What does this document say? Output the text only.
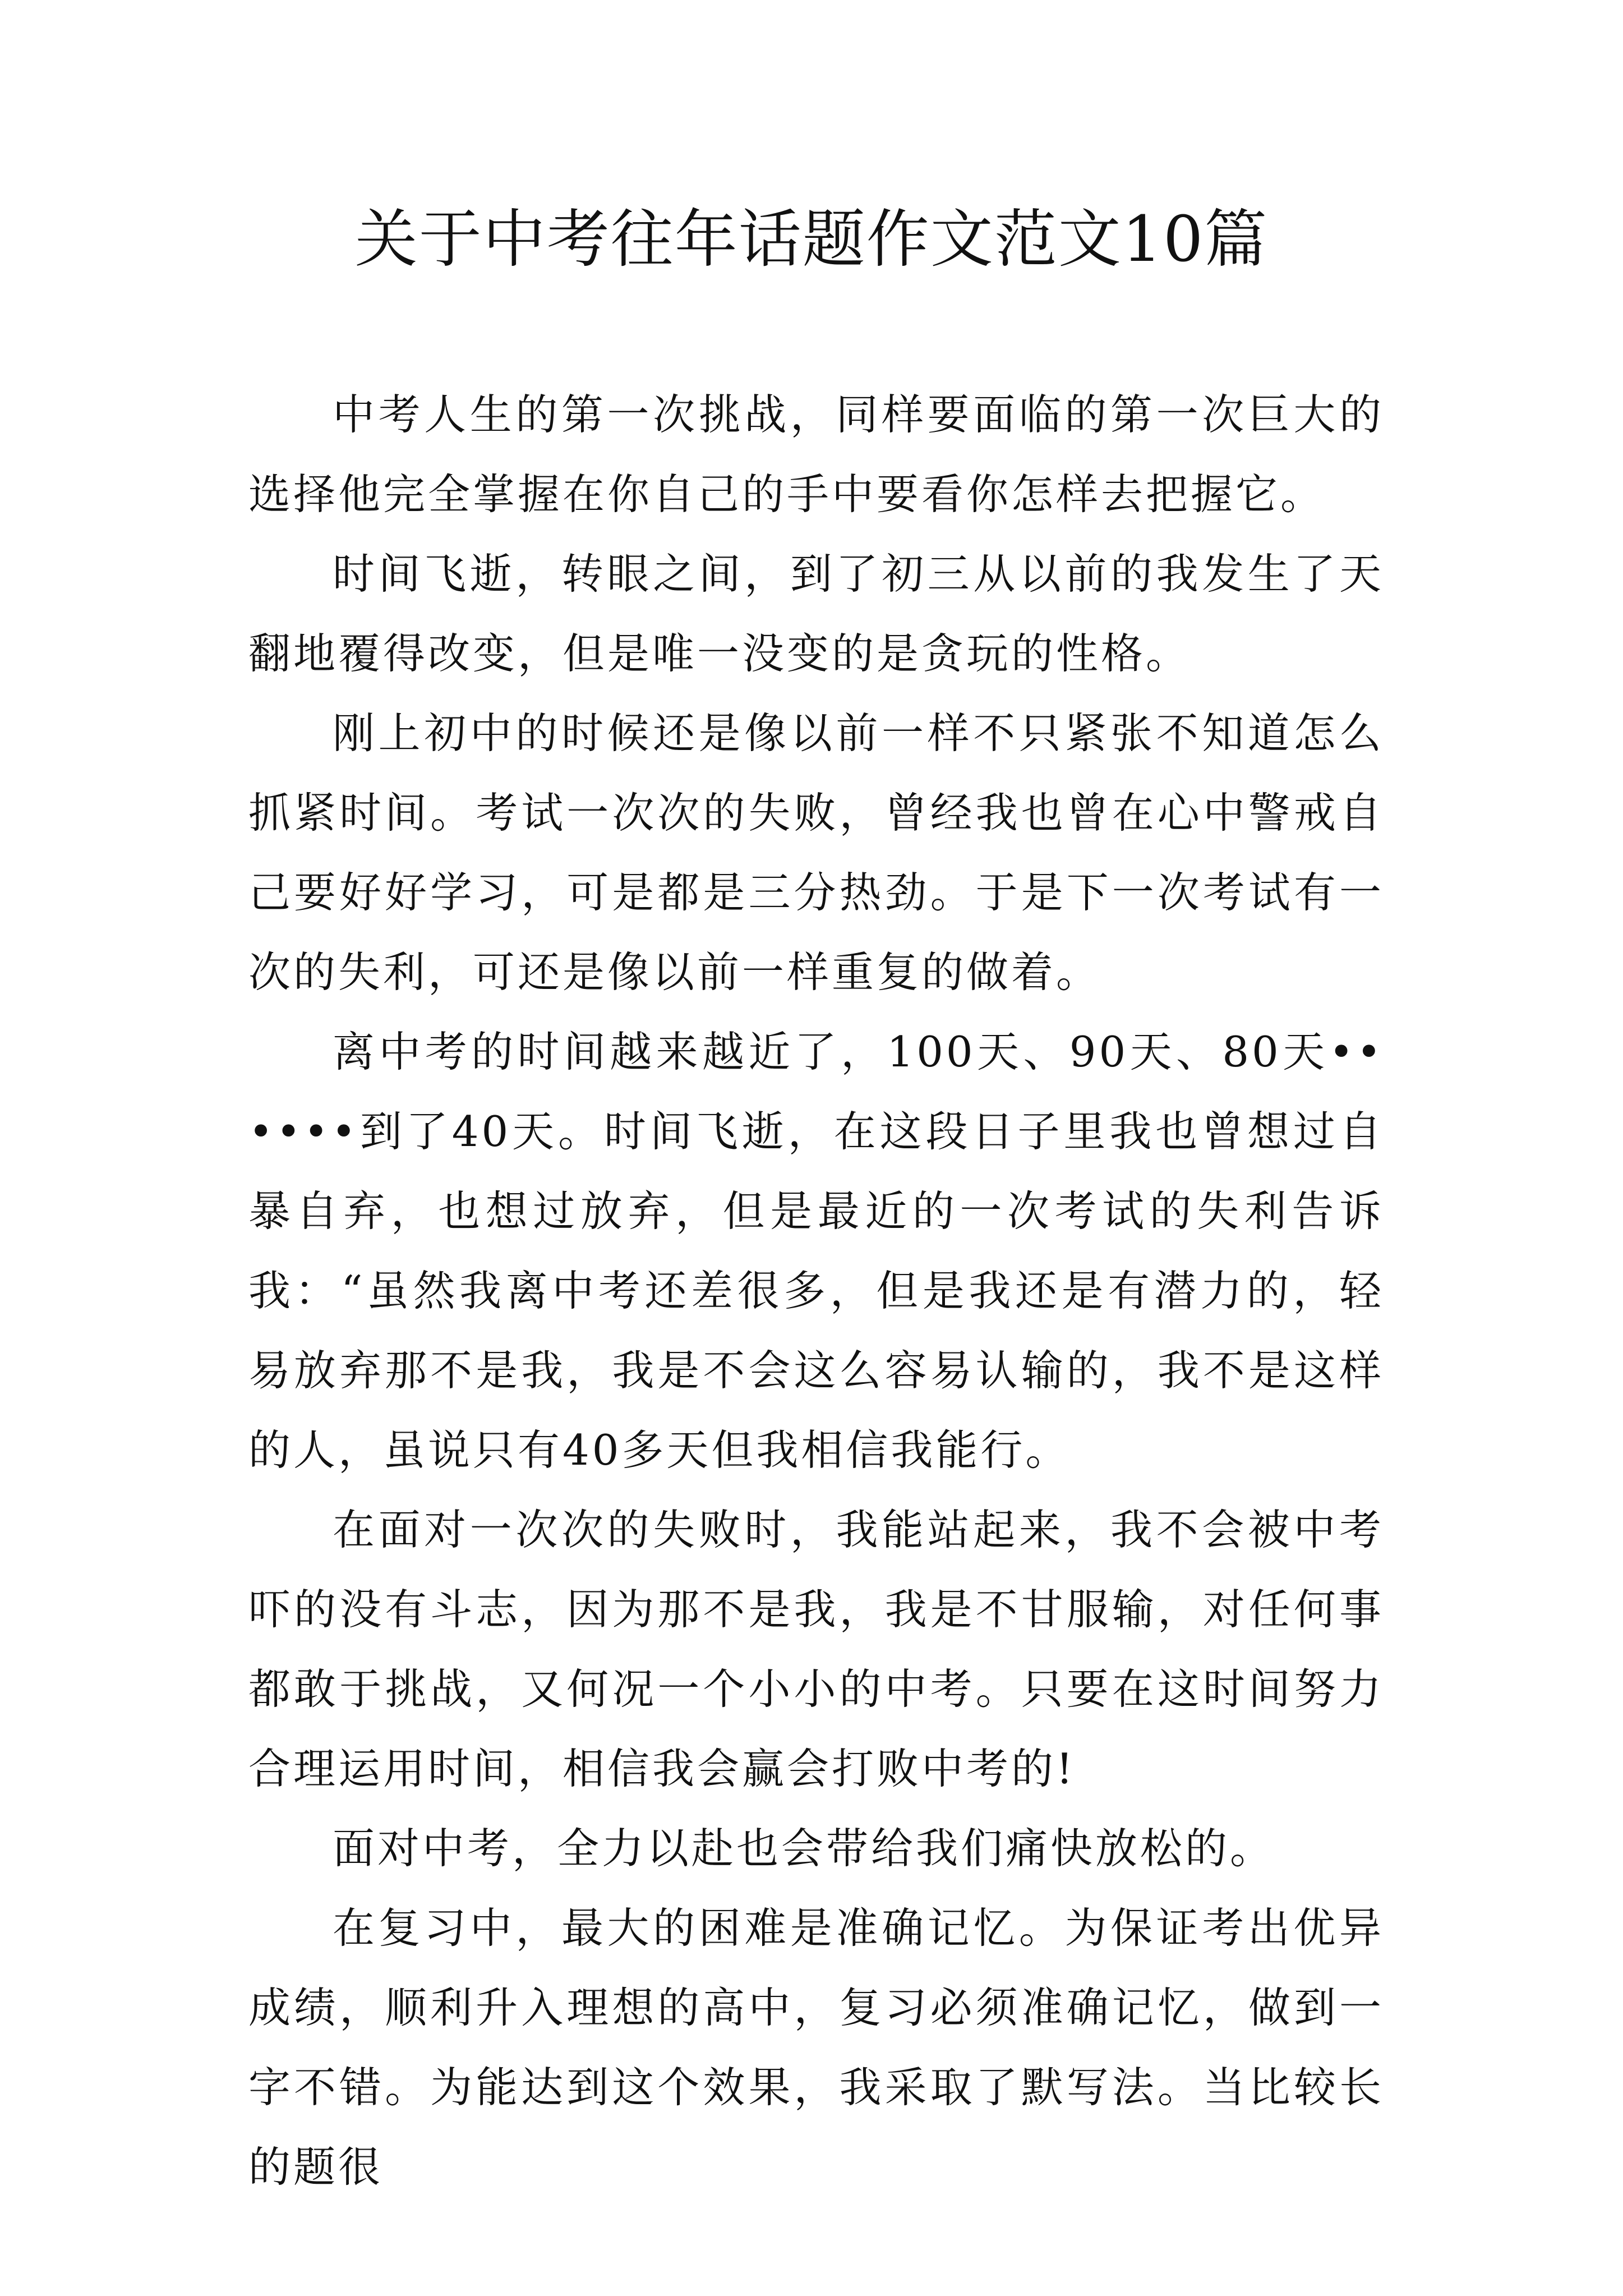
关于中考往年话题作文范文10篇

中考人生的第一次挑战，同样要面临的第一次巨大的选择他完全掌握在你自己的手中要看你怎样去把握它。

时间飞逝，转眼之间，到了初三从以前的我发生了天翻地覆得改变，但是唯一没变的是贪玩的性格。

刚上初中的时候还是像以前一样不只紧张不知道怎么抓紧时间。考试一次次的失败，曾经我也曾在心中警戒自己要好好学习，可是都是三分热劲。于是下一次考试有一次的失利，可还是像以前一样重复的做着。

离中考的时间越来越近了，100天、90天、80天••••••到了40天。时间飞逝，在这段日子里我也曾想过自暴自弃，也想过放弃，但是最近的一次考试的失利告诉我：“虽然我离中考还差很多，但是我还是有潜力的，轻易放弃那不是我，我是不会这么容易认输的，我不是这样的人，虽说只有40多天但我相信我能行。

在面对一次次的失败时，我能站起来，我不会被中考吓的没有斗志，因为那不是我，我是不甘服输，对任何事都敢于挑战，又何况一个小小的中考。只要在这时间努力合理运用时间，相信我会赢会打败中考的!

面对中考，全力以赴也会带给我们痛快放松的。

在复习中，最大的困难是准确记忆。为保证考出优异成绩，顺利升入理想的高中，复习必须准确记忆，做到一字不错。为能达到这个效果，我采取了默写法。当比较长的题很
